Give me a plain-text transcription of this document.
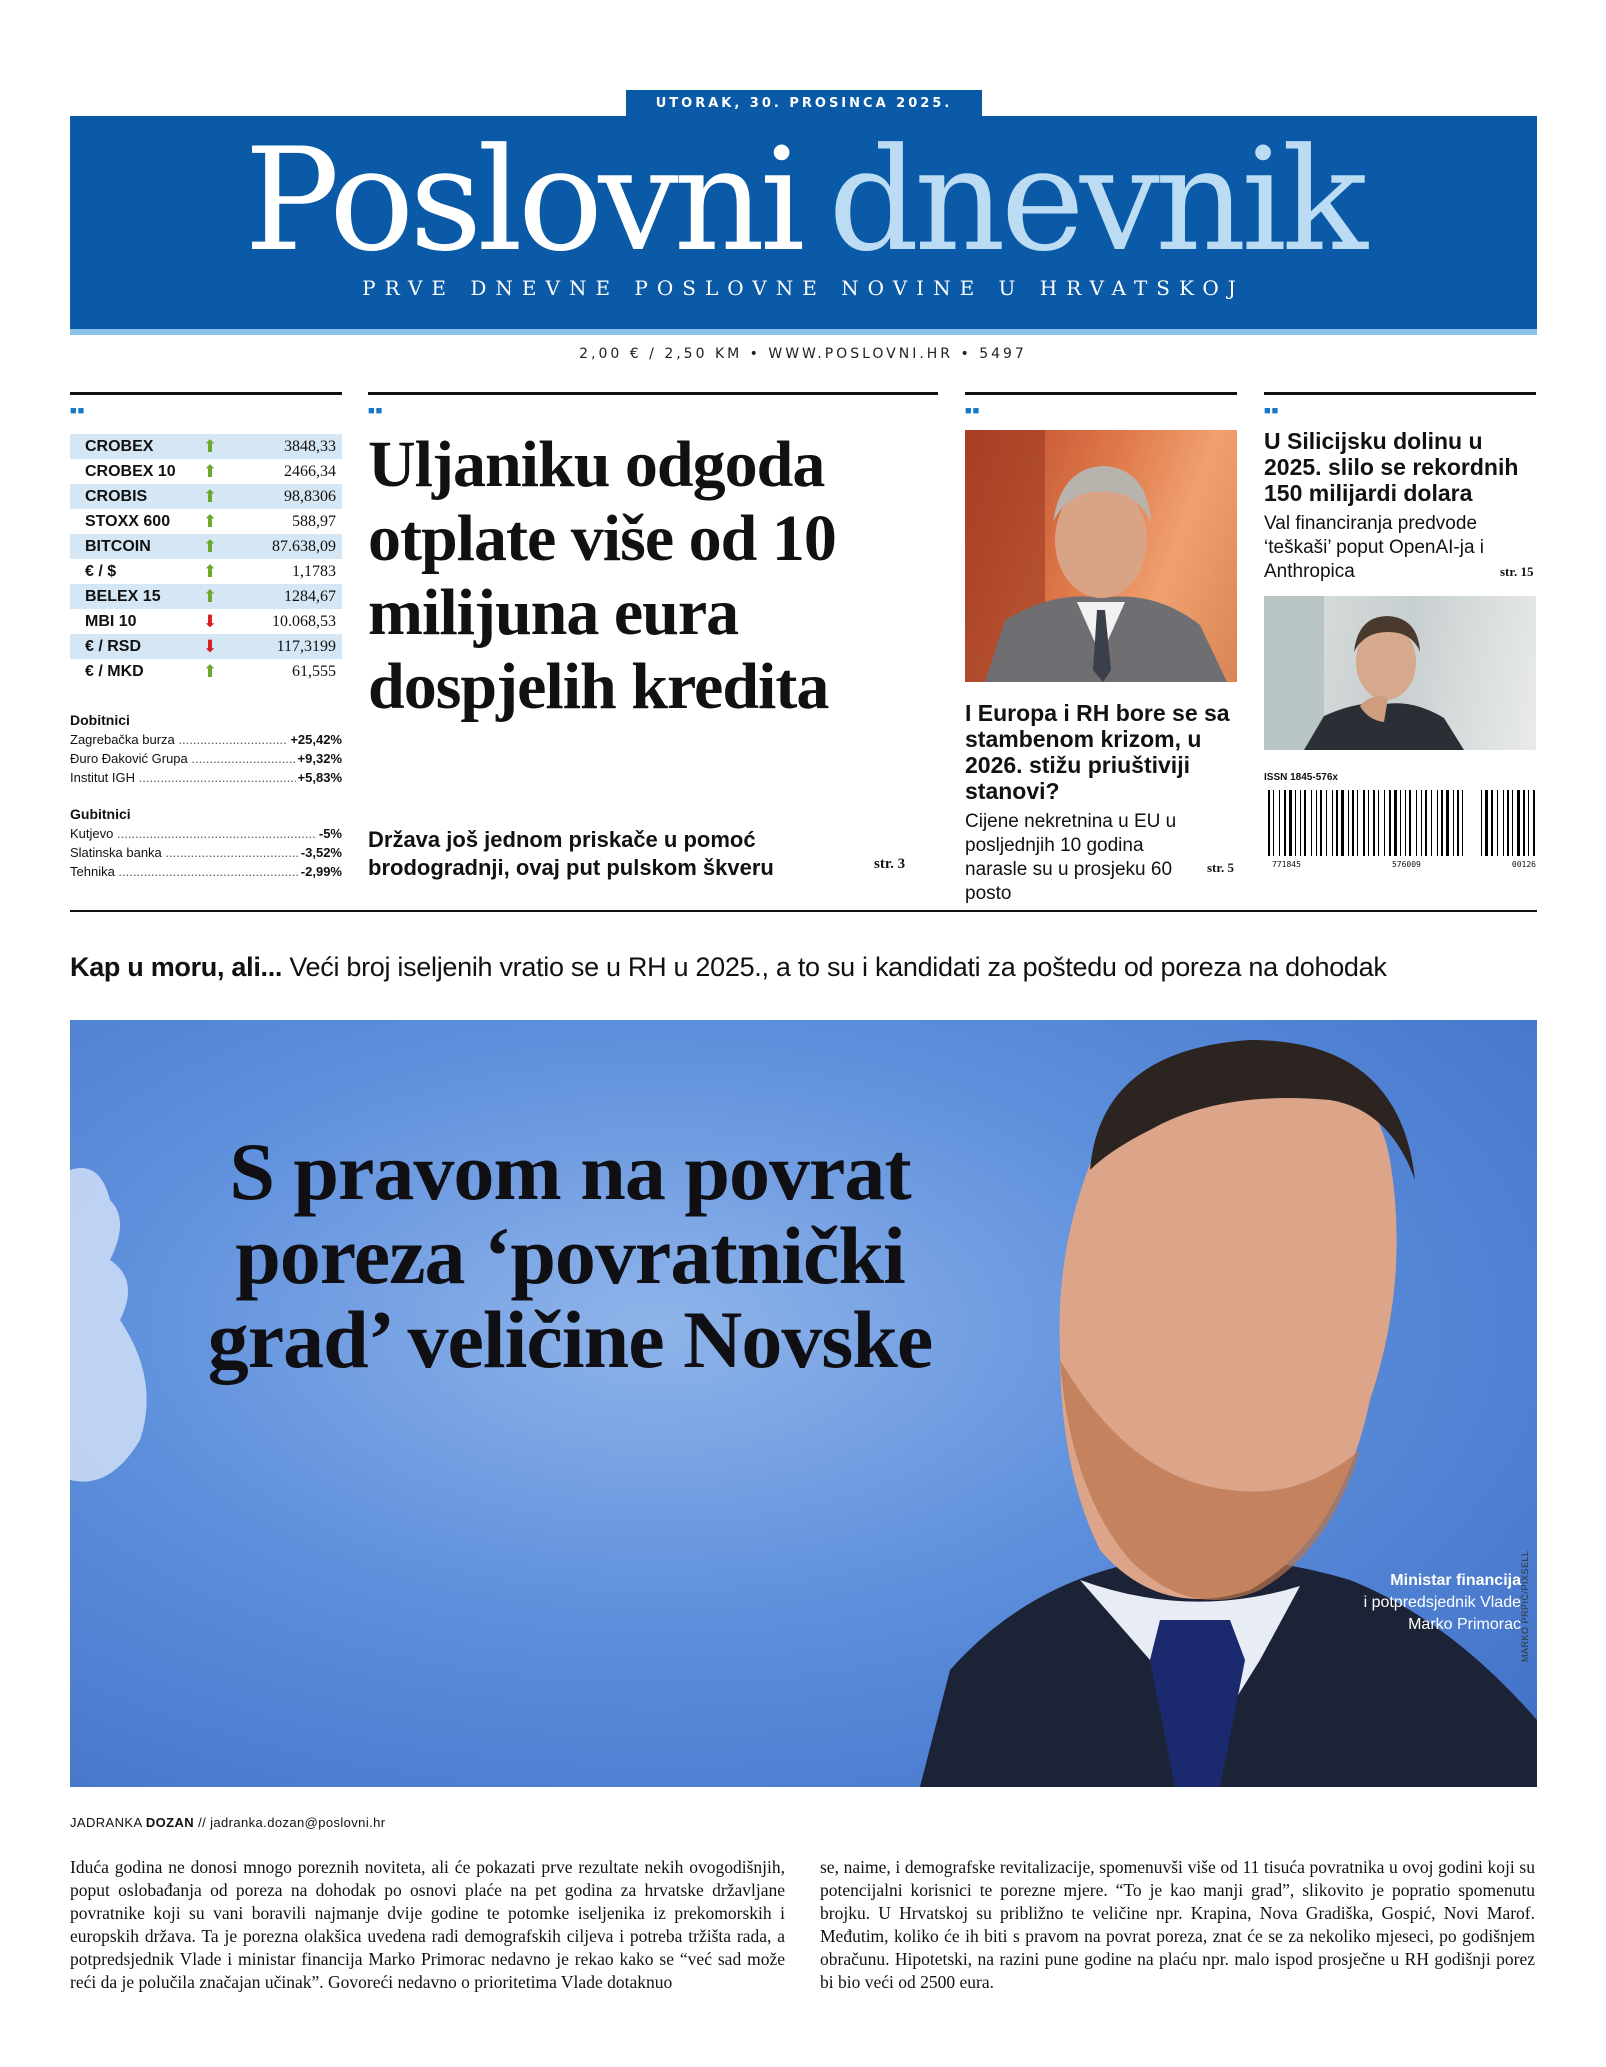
UTORAK, 30. PROSINCA 2025.
Poslovni dnevnik
PRVE DNEVNE POSLOVNE NOVINE U HRVATSKOJ
2,00 € / 2,50 KM • WWW.POSLOVNI.HR • 5497
■■	■■	■■	■■
CROBEX	⬆	3848,33
CROBEX 10	⬆	2466,34
CROBIS	⬆	98,8306
STOXX 600	⬆	588,97
BITCOIN	⬆	87.638,09
€ / $	⬆	1,1783
BELEX 15	⬆	1284,67
MBI 10	⬇	10.068,53
€ / RSD	⬇	117,3199
€ / MKD	⬆	61,555
Dobitnici
Zagrebačka burza .....	+25,42%
Đuro Đaković Grupa .....	+9,32%
Institut IGH .....	+5,83%
Gubitnici
Kutjevo .....	-5%
Slatinska banka .....	-3,52%
Tehnika .....	-2,99%
Uljaniku odgoda otplate više od 10 milijuna eura dospjelih kredita
Država još jednom priskače u pomoć brodogradnji, ovaj put pulskom škveru	str. 3
I Europa i RH bore se sa stambenom krizom, u 2026. stižu priuštiviji stanovi?
Cijene nekretnina u EU u posljednjih 10 godina narasle su u prosjeku 60 posto
str. 5
U Silicijsku dolinu u 2025. slilo se rekordnih 150 milijardi dolara
Val financiranja predvode ‘teškaši’ poput OpenAI-ja i Anthropica	str. 15
ISSN 1845-576x
771845	576009	00126
Kap u moru, ali... Veći broj iseljenih vratio se u RH u 2025., a to su i kandidati za poštedu od poreza na dohodak
S pravom na povrat poreza ‘povratnički grad’ veličine Novske
Ministar financija
i potpredsjednik Vlade
Marko Primorac MARKO PRPIĆ/PIXSELL
JADRANKA DOZAN // jadranka.dozan@poslovni.hr
Iduća godina ne donosi mnogo poreznih noviteta, ali će pokazati prve rezultate nekih ovogodišnjih, poput oslobađanja od poreza na dohodak po osnovi plaće na pet godina za hrvatske državljane povratnike koji su vani boravili najmanje dvije godine te potomke iseljenika iz prekomorskih i europskih država. Ta je porezna olakšica uvedena radi demografskih ciljeva i potreba tržišta rada, a potpredsjednik Vlade i ministar financija Marko Primorac nedavno je rekao kako se “već sad može reći da je polučila značajan učinak”. Govoreći nedavno o prioritetima Vlade dotaknuo
se, naime, i demografske revitalizacije, spomenuvši više od 11 tisuća povratnika u ovoj godini koji su potencijalni korisnici te porezne mjere. “To je kao manji grad”, slikovito je popratio spomenutu brojku. U Hrvatskoj su približno te veličine npr. Krapina, Nova Gradiška, Gospić, Novi Marof. Međutim, koliko će ih biti s pravom na povrat poreza, znat će se za nekoliko mjeseci, po godišnjem obračunu. Hipotetski, na razini pune godine na plaću npr. malo ispod prosječne u RH godišnji porez bi bio veći od 2500 eura.
